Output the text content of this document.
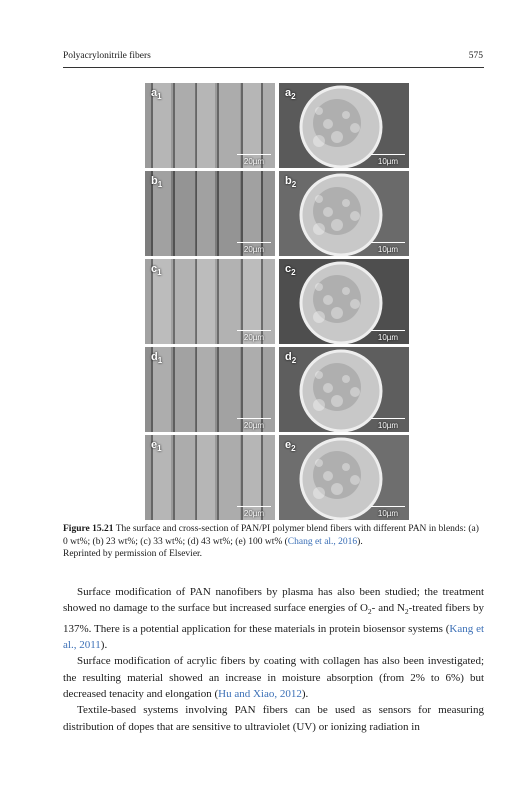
Polyacrylonitrile fibers	575
$a_1$
20µm
$a_2$
10µm
$b_1$
20µm
$b_2$
10µm
$c_1$
20µm
$c_2$
10µm
$d_1$
20µm
$d_2$
10µm
$e_1$
20µm
$e_2$
10µm
Figure 15.21 The surface and cross-section of PAN/PI polymer blend fibers with different PAN in blends: (a) 0 wt%; (b) 23 wt%; (c) 33 wt%; (d) 43 wt%; (e) 100 wt% (Chang et al., 2016).
Reprinted by permission of Elsevier.

Surface modification of PAN nanofibers by plasma has also been studied; the treatment showed no damage to the surface but increased surface energies of $O_2-$ and $N_2$-treated fibers by 137%. There is a potential application for these materials in protein biosensor systems (Kang et al., 2011).

Surface modification of acrylic fibers by coating with collagen has also been investigated; the resulting material showed an increase in moisture absorption (from 2% to 6%) but decreased tenacity and elongation (Hu and Xiao, 2012).

Textile-based systems involving PAN fibers can be used as sensors for measuring distribution of dopes that are sensitive to ultraviolet (UV) or ionizing radiation in
